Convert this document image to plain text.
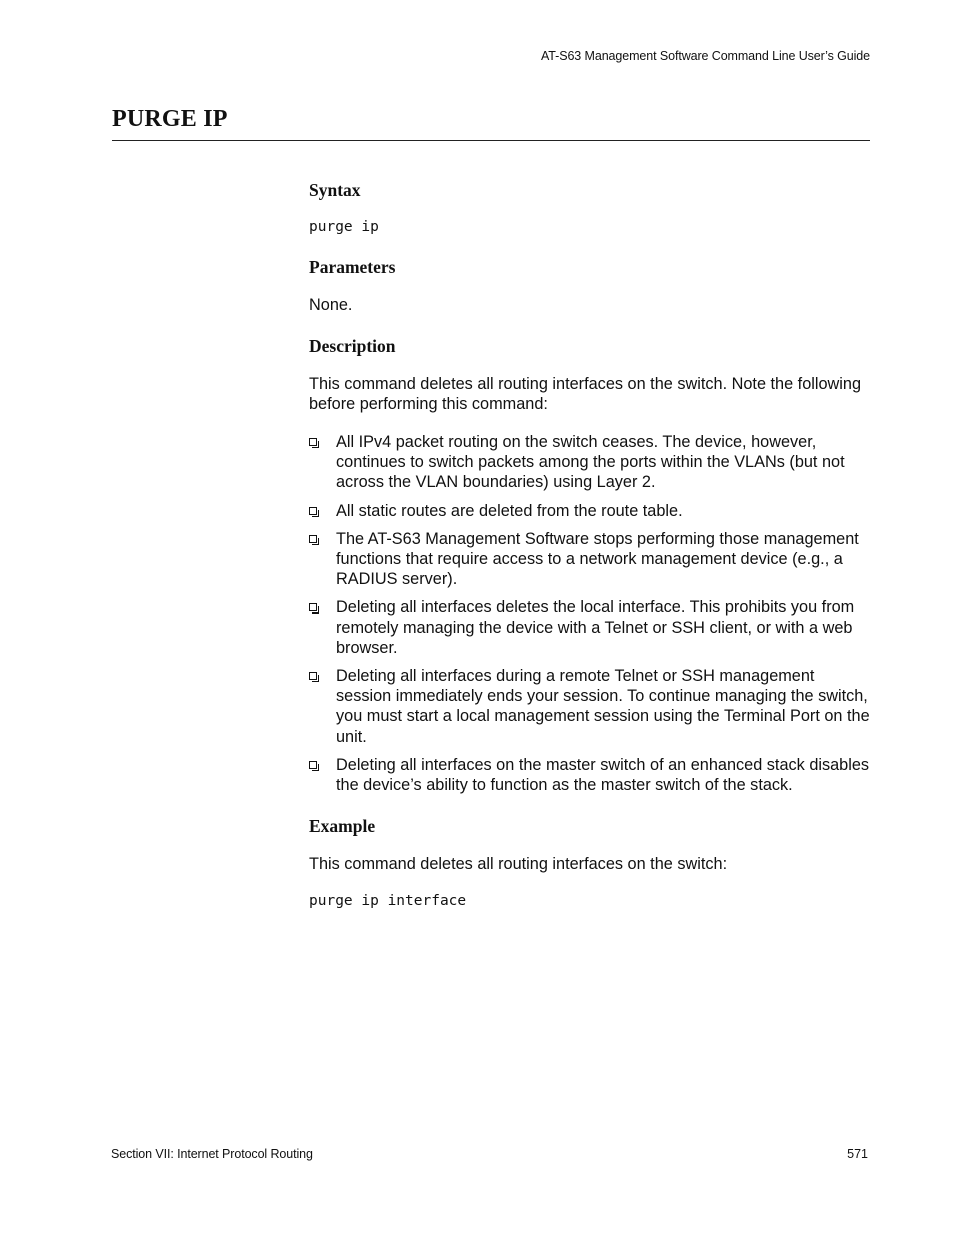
AT-S63 Management Software Command Line User’s Guide
PURGE IP
Syntax

purge ip

Parameters

None.

Description

This command deletes all routing interfaces on the switch. Note the following before performing this command:

All IPv4 packet routing on the switch ceases. The device, however, continues to switch packets among the ports within the VLANs (but not across the VLAN boundaries) using Layer 2.
All static routes are deleted from the route table.
The AT-S63 Management Software stops performing those management functions that require access to a network management device (e.g., a RADIUS server).
Deleting all interfaces deletes the local interface. This prohibits you from remotely managing the device with a Telnet or SSH client, or with a web browser.
Deleting all interfaces during a remote Telnet or SSH management session immediately ends your session. To continue managing the switch, you must start a local management session using the Terminal Port on the unit.
Deleting all interfaces on the master switch of an enhanced stack disables the device’s ability to function as the master switch of the stack.
Example

This command deletes all routing interfaces on the switch:

purge ip interface

Section VII: Internet Protocol Routing	571
